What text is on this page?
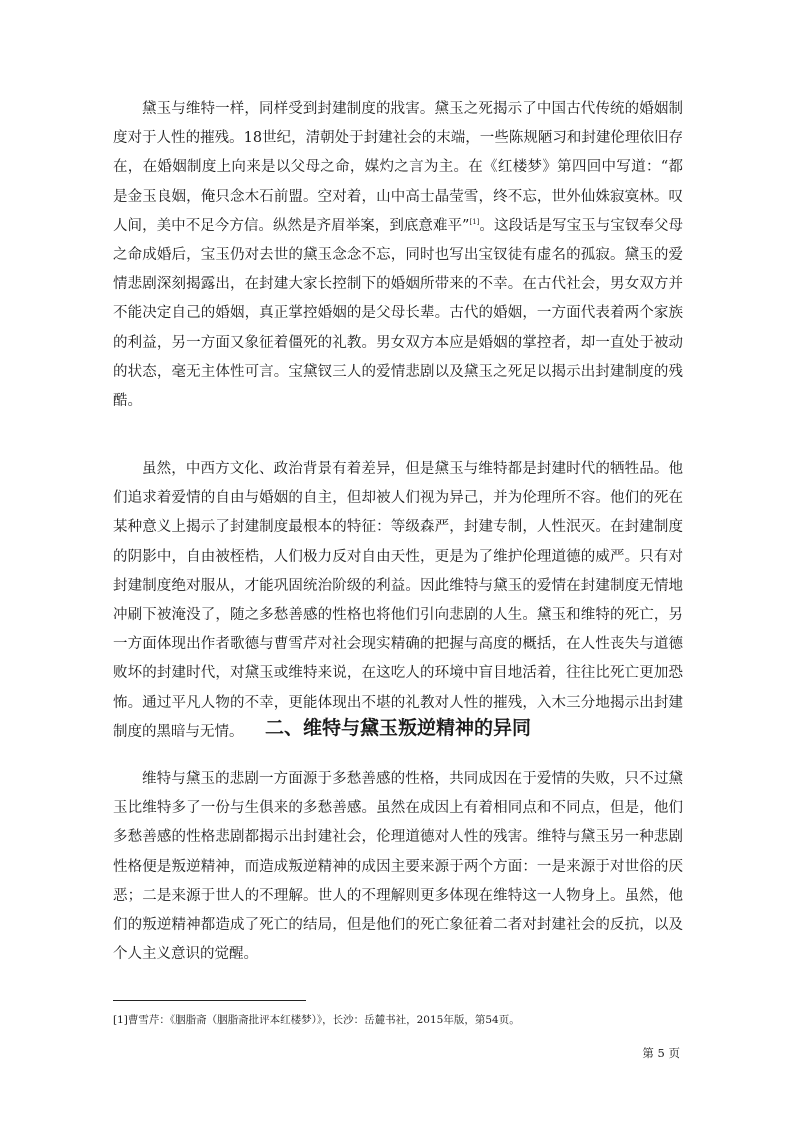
黛玉与维特一样，同样受到封建制度的戕害。黛玉之死揭示了中国古代传统的婚姻制度对于人性的摧残。18世纪，清朝处于封建社会的末端，一些陈规陋习和封建伦理依旧存在，在婚姻制度上向来是以父母之命，媒灼之言为主。在《红楼梦》第四回中写道：“都是金玉良姻，俺只念木石前盟。空对着，山中高士晶莹雪，终不忘，世外仙姝寂寞林。叹人间，美中不足今方信。纵然是齐眉举案，到底意难平”[1]。这段话是写宝玉与宝钗奉父母之命成婚后，宝玉仍对去世的黛玉念念不忘，同时也写出宝钗徒有虚名的孤寂。黛玉的爱情悲剧深刻揭露出，在封建大家长控制下的婚姻所带来的不幸。在古代社会，男女双方并不能决定自己的婚姻，真正掌控婚姻的是父母长辈。古代的婚姻，一方面代表着两个家族的利益，另一方面又象征着僵死的礼教。男女双方本应是婚姻的掌控者，却一直处于被动的状态，毫无主体性可言。宝黛钗三人的爱情悲剧以及黛玉之死足以揭示出封建制度的残酷。

虽然，中西方文化、政治背景有着差异，但是黛玉与维特都是封建时代的牺牲品。他们追求着爱情的自由与婚姻的自主，但却被人们视为异己，并为伦理所不容。他们的死在某种意义上揭示了封建制度最根本的特征：等级森严，封建专制，人性泯灭。在封建制度的阴影中，自由被桎梏，人们极力反对自由天性，更是为了维护伦理道德的威严。只有对封建制度绝对服从，才能巩固统治阶级的利益。因此维特与黛玉的爱情在封建制度无情地冲刷下被淹没了，随之多愁善感的性格也将他们引向悲剧的人生。黛玉和维特的死亡，另一方面体现出作者歌德与曹雪芹对社会现实精确的把握与高度的概括，在人性丧失与道德败坏的封建时代，对黛玉或维特来说，在这吃人的环境中盲目地活着，往往比死亡更加恐怖。通过平凡人物的不幸，更能体现出不堪的礼教对人性的摧残，入木三分地揭示出封建制度的黑暗与无情。	二、维特与黛玉叛逆精神的异同

维特与黛玉的悲剧一方面源于多愁善感的性格，共同成因在于爱情的失败，只不过黛玉比维特多了一份与生俱来的多愁善感。虽然在成因上有着相同点和不同点，但是，他们多愁善感的性格悲剧都揭示出封建社会，伦理道德对人性的残害。维特与黛玉另一种悲剧性格便是叛逆精神，而造成叛逆精神的成因主要来源于两个方面：一是来源于对世俗的厌恶；二是来源于世人的不理解。世人的不理解则更多体现在维特这一人物身上。虽然，他们的叛逆精神都造成了死亡的结局，但是他们的死亡象征着二者对封建社会的反抗，以及个人主义意识的觉醒。

[1]曹雪芹：《胭脂斋（胭脂斋批评本红楼梦）》，长沙：岳麓书社，2015年版，第54页。

第 5 页
